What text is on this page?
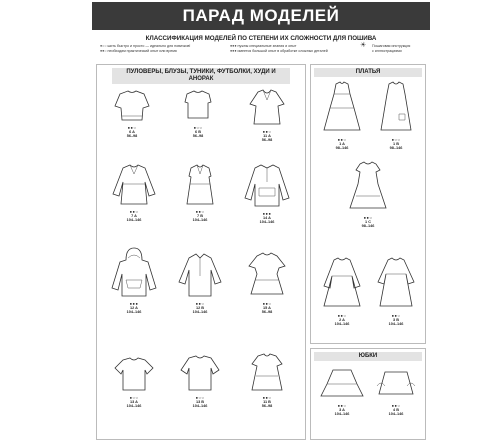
ПАРАД МОДЕЛЕЙ
КЛАССИФИКАЦИЯ МОДЕЛЕЙ ПО СТЕПЕНИ ИХ СЛОЖНОСТИ ДЛЯ ПОШИВА
●○○ шить быстро и просто — идеально для новичков!
●●○ необходим практический опыт или время
●●● нужны специальные знания и опыт
●●● имеется большой опыт в обработке сложных деталей
☀ Пошаговая инструкция
с иллюстрациями
ПУЛОВЕРЫ, БЛУЗЫ, ТУНИКИ, ФУТБОЛКИ, ХУДИ И АНОРАК
ПЛАТЬЯ
ЮБКИ
●●○
6 A
56–98
●○○
6 B
56–98
●●○
11 A
56–98
●●○
7 A
104–146
●●○
7 B
104–146
●●●
14 A
104–146
●●●
12 A
104–146
●●○
12 B
104–146
●●○
15 A
56–98
●○○
13 A
104–146
●○○
13 B
104–146
●●○
11 B
56–98
●●○
1 A
98–146
●○○
1 B
98–146
●●○
1 C
98–146
●●○
2 A
104–146
●●○
3 B
104–146
●●○
3 A
104–146
●●○
4 B
104–146
